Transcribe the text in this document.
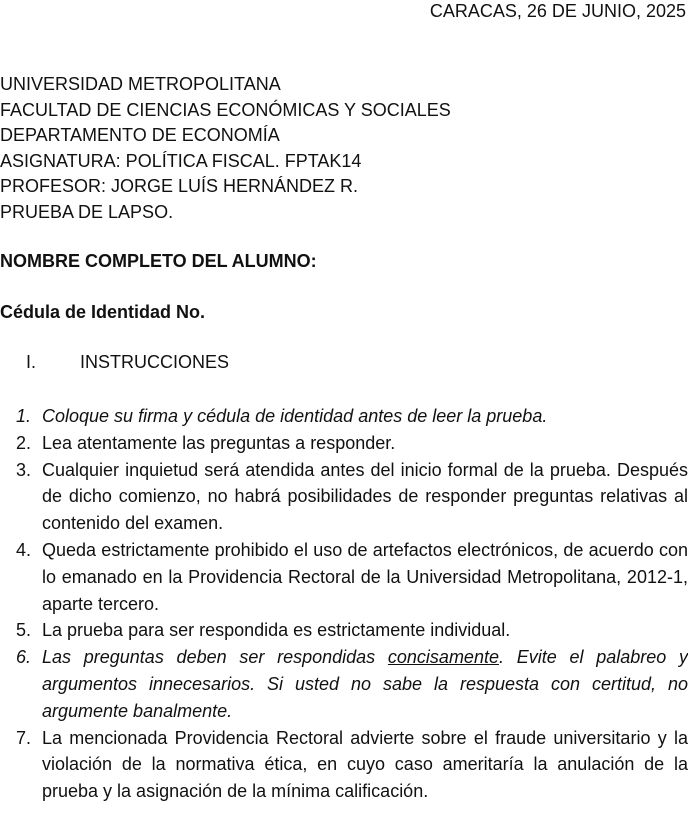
CARACAS, 26 DE JUNIO, 2025
UNIVERSIDAD METROPOLITANA
FACULTAD DE CIENCIAS ECONÓMICAS Y SOCIALES
DEPARTAMENTO DE ECONOMÍA
ASIGNATURA: POLÍTICA FISCAL. FPTAK14
PROFESOR: JORGE LUÍS HERNÁNDEZ R.
PRUEBA DE LAPSO.
NOMBRE COMPLETO DEL ALUMNO:
Cédula de Identidad No.
I. INSTRUCCIONES
1. Coloque su firma y cédula de identidad antes de leer la prueba.
2. Lea atentamente las preguntas a responder.
3. Cualquier inquietud será atendida antes del inicio formal de la prueba. Después de dicho comienzo, no habrá posibilidades de responder preguntas relativas al contenido del examen.
4. Queda estrictamente prohibido el uso de artefactos electrónicos, de acuerdo con lo emanado en la Providencia Rectoral de la Universidad Metropolitana, 2012-1, aparte tercero.
5. La prueba para ser respondida es estrictamente individual.
6. Las preguntas deben ser respondidas concisamente. Evite el palabreo y argumentos innecesarios. Si usted no sabe la respuesta con certitud, no argumente banalmente.
7. La mencionada Providencia Rectoral advierte sobre el fraude universitario y la violación de la normativa ética, en cuyo caso ameritaría la anulación de la prueba y la asignación de la mínima calificación.
